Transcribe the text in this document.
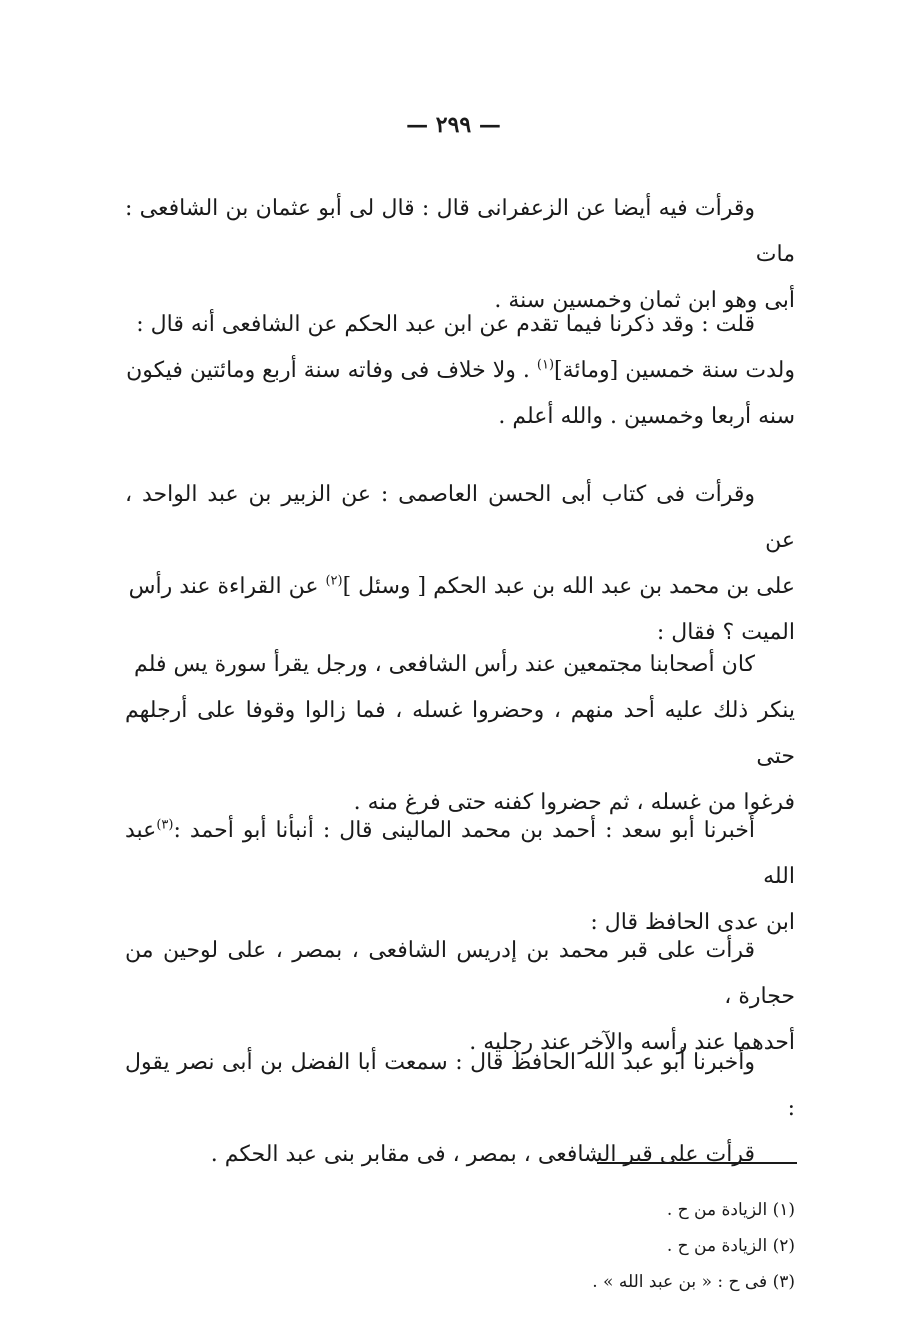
— ٢٩٩ —

وقرأت فيه أيضا عن الزعفرانى قال : قال لى أبو عثمان بن الشافعى : مات

أبى وهو ابن ثمان وخمسين سنة .

قلت : وقد ذكرنا فيما تقدم عن ابن عبد الحكم عن الشافعى أنه قال :

ولدت سنة خمسين [ومائة]$^{(١)}$ . ولا خلاف فى وفاته سنة أربع ومائتين فيكون

سنه أربعا وخمسين . والله أعلم .

وقرأت فى كتاب أبى الحسن العاصمى : عن الزبير بن عبد الواحد ، عن

على بن محمد بن عبد الله بن عبد الحكم [ وسئل ]$^{(٢)}$ عن القراءة عند رأس

الميت ؟ فقال :

كان أصحابنا مجتمعين عند رأس الشافعى ، ورجل يقرأ سورة يس فلم

ينكر ذلك عليه أحد منهم ، وحضروا غسله ، فما زالوا وقوفا على أرجلهم حتى

فرغوا من غسله ، ثم حضروا كفنه حتى فرغ منه .

أخبرنا أبو سعد : أحمد بن محمد المالينى قال : أنبأنا أبو أحمد :$^{(٣)}$عبد الله

ابن عدى الحافظ قال :

قرأت على قبر محمد بن إدريس الشافعى ، بمصر ، على لوحين من حجارة ،

أحدهما عند رأسه والآخر عند رجليه .

وأخبرنا أبو عبد الله الحافظ قال : سمعت أبا الفضل بن أبى نصر يقول :

قرأت على قبر الشافعى ، بمصر ، فى مقابر بنى عبد الحكم .

(١) الزيادة من ح .

(٢) الزيادة من ح .

(٣) فى ح : « بن عبد الله » .
